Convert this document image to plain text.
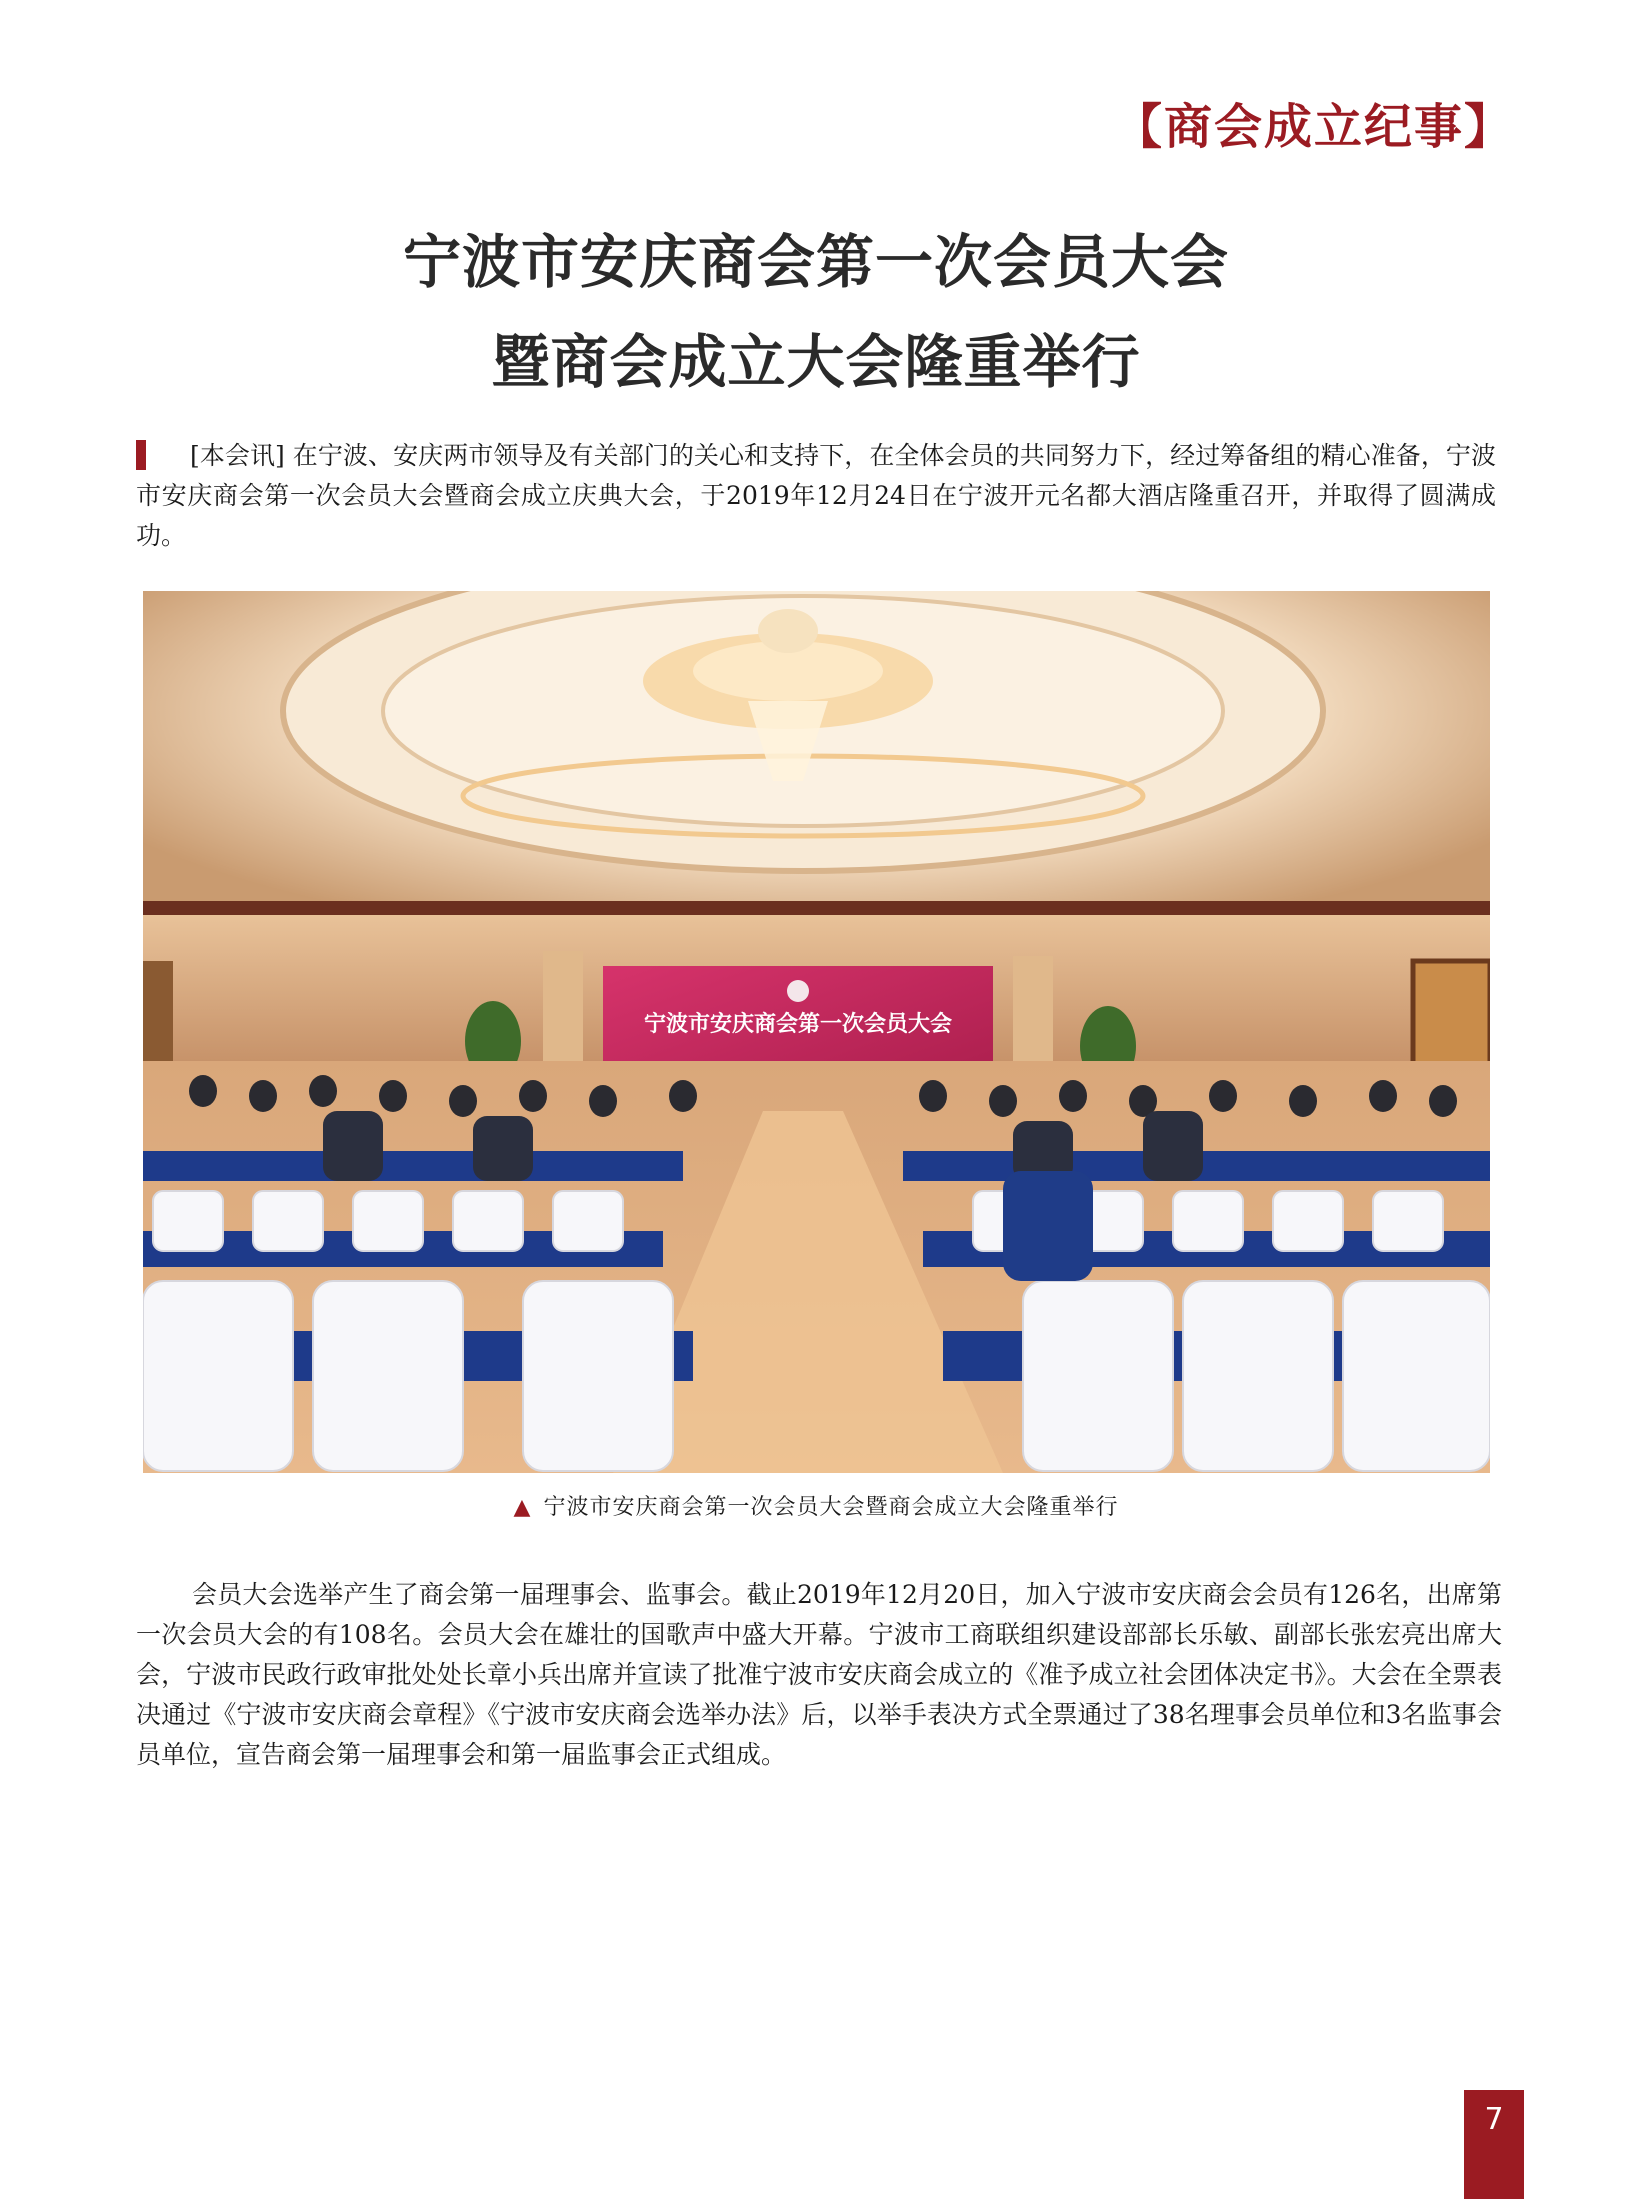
【商会成立纪事】
宁波市安庆商会第一次会员大会
暨商会成立大会隆重举行

[本会讯] 在宁波、安庆两市领导及有关部门的关心和支持下，在全体会员的共同努力下，经过筹备组的精心准备，宁波市安庆商会第一次会员大会暨商会成立庆典大会，于2019年12月24日在宁波开元名都大酒店隆重召开，并取得了圆满成功。

宁波市安庆商会第一次会员大会
▲ 宁波市安庆商会第一次会员大会暨商会成立大会隆重举行

会员大会选举产生了商会第一届理事会、监事会。截止2019年12月20日，加入宁波市安庆商会会员有126名，出席第一次会员大会的有108名。会员大会在雄壮的国歌声中盛大开幕。宁波市工商联组织建设部部长乐敏、副部长张宏亮出席大会，宁波市民政行政审批处处长章小兵出席并宣读了批准宁波市安庆商会成立的《准予成立社会团体决定书》。大会在全票表决通过《宁波市安庆商会章程》《宁波市安庆商会选举办法》后，以举手表决方式全票通过了38名理事会员单位和3名监事会员单位，宣告商会第一届理事会和第一届监事会正式组成。

7
